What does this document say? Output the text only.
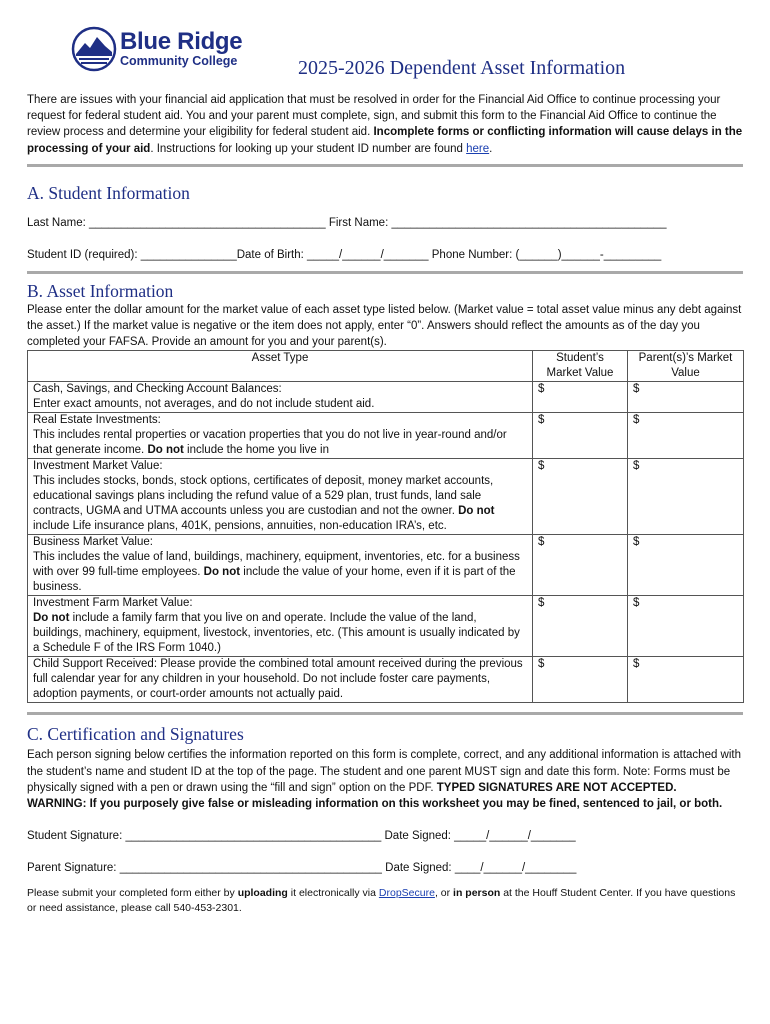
Blue Ridge
Community College	2025-2026 Dependent Asset Information

There are issues with your financial aid application that must be resolved in order for the Financial Aid Office to continue processing your request for federal student aid. You and your parent must complete, sign, and submit this form to the Financial Aid Office to continue the review process and determine your eligibility for federal student aid. Incomplete forms or conflicting information will cause delays in the processing of your aid. Instructions for looking up your student ID number are found here.

A. Student Information
Last Name: _____________________________________ First Name: ___________________________________________
Student ID (required): _______________Date of Birth: _____/______/_______ Phone Number: (______)______-_________
B. Asset Information

Please enter the dollar amount for the market value of each asset type listed below. (Market value = total asset value minus any debt against the asset.) If the market value is negative or the item does not apply, enter “0”. Answers should reflect the amounts as of the day you completed your FAFSA. Provide an amount for you and your parent(s).

Asset Type	Student’s Market Value	Parent(s)’s Market Value
Cash, Savings, and Checking Account Balances:
Enter exact amounts, not averages, and do not include student aid.	$	$
Real Estate Investments:
This includes rental properties or vacation properties that you do not live in year-round and/or that generate income. Do not include the home you live in	$	$
Investment Market Value:
This includes stocks, bonds, stock options, certificates of deposit, money market accounts, educational savings plans including the refund value of a 529 plan, trust funds, land sale contracts, UGMA and UTMA accounts unless you are custodian and not the owner. Do not include Life insurance plans, 401K, pensions, annuities, non-education IRA’s, etc.	$	$
Business Market Value:
This includes the value of land, buildings, machinery, equipment, inventories, etc. for a business with over 99 full-time employees. Do not include the value of your home, even if it is part of the business.	$	$
Investment Farm Market Value:
Do not include a family farm that you live on and operate. Include the value of the land, buildings, machinery, equipment, livestock, inventories, etc. (This amount is usually indicated by a Schedule F of the IRS Form 1040.)	$	$
Child Support Received: Please provide the combined total amount received during the previous full calendar year for any children in your household. Do not include foster care payments, adoption payments, or court-order amounts not actually paid.	$	$
C. Certification and Signatures

Each person signing below certifies the information reported on this form is complete, correct, and any additional information is attached with the student’s name and student ID at the top of the page. The student and one parent MUST sign and date this form. Note: Forms must be physically signed with a pen or drawn using the “fill and sign” option on the PDF. TYPED SIGNATURES ARE NOT ACCEPTED.

WARNING: If you purposely give false or misleading information on this worksheet you may be fined, sentenced to jail, or both.

Student Signature: ________________________________________ Date Signed: _____/______/_______
Parent Signature: _________________________________________ Date Signed: ____/______/________

Please submit your completed form either by uploading it electronically via DropSecure, or in person at the Houff Student Center. If you have questions or need assistance, please call 540-453-2301.
